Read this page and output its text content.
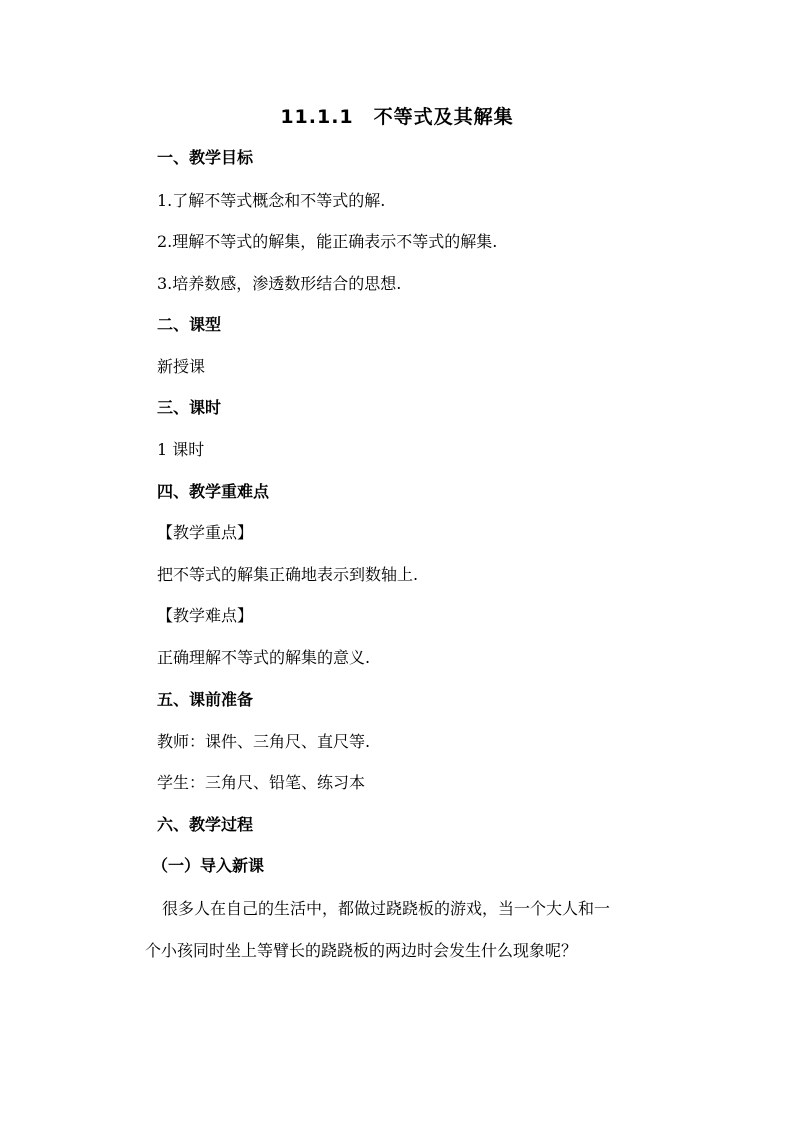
11.1.1　不等式及其解集
一、教学目标
1.了解不等式概念和不等式的解.
2.理解不等式的解集，能正确表示不等式的解集.
3.培养数感，渗透数形结合的思想.
二、课型
新授课
三、课时
1 课时
四、教学重难点
【教学重点】
把不等式的解集正确地表示到数轴上.
【教学难点】
正确理解不等式的解集的意义.
五、课前准备
教师：课件、三角尺、直尺等.
学生：三角尺、铅笔、练习本
六、教学过程
（一）导入新课
很多人在自己的生活中，都做过跷跷板的游戏，当一个大人和一
个小孩同时坐上等臂长的跷跷板的两边时会发生什么现象呢？
